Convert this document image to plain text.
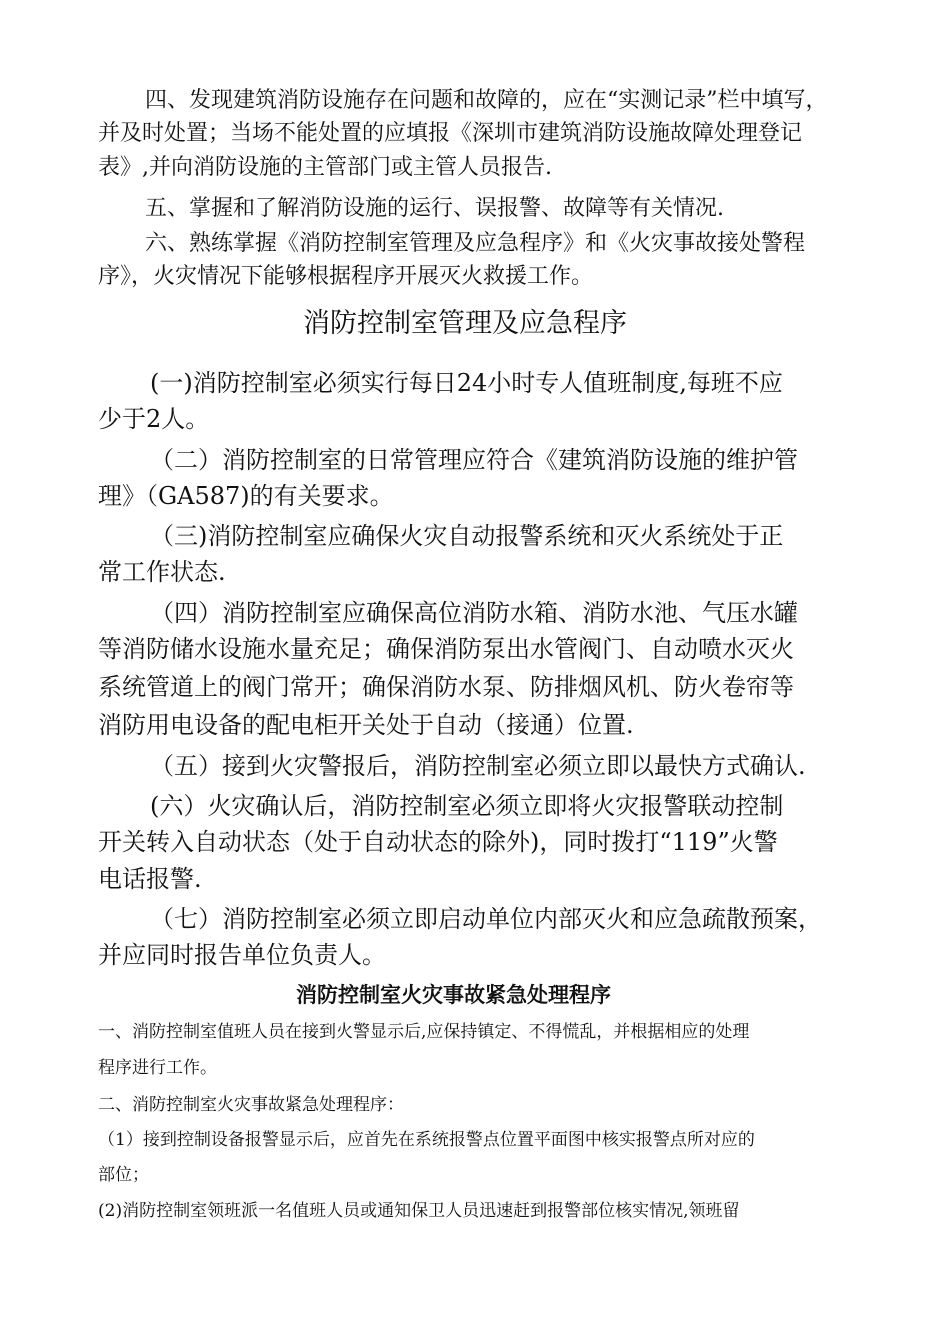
四、发现建筑消防设施存在问题和故障的，应在“实测记录”栏中填写，
并及时处置；当场不能处置的应填报《深圳市建筑消防设施故障处理登记
表》,并向消防设施的主管部门或主管人员报告.
五、掌握和了解消防设施的运行、误报警、故障等有关情况.
六、熟练掌握《消防控制室管理及应急程序》和《火灾事故接处警程
序》，火灾情况下能够根据程序开展灭火救援工作。
消防控制室管理及应急程序
(一)消防控制室必须实行每日24小时专人值班制度,每班不应
少于2人。
（二）消防控制室的日常管理应符合《建筑消防设施的维护管
理》（GA587)的有关要求。
（三)消防控制室应确保火灾自动报警系统和灭火系统处于正
常工作状态.
（四）消防控制室应确保高位消防水箱、消防水池、气压水罐
等消防储水设施水量充足；确保消防泵出水管阀门、自动喷水灭火
系统管道上的阀门常开；确保消防水泵、防排烟风机、防火卷帘等
消防用电设备的配电柜开关处于自动（接通）位置.
（五）接到火灾警报后，消防控制室必须立即以最快方式确认.
(六）火灾确认后，消防控制室必须立即将火灾报警联动控制
开关转入自动状态（处于自动状态的除外)，同时拨打“119”火警
电话报警.
（七）消防控制室必须立即启动单位内部灭火和应急疏散预案，
并应同时报告单位负责人。
消防控制室火灾事故紧急处理程序
一、消防控制室值班人员在接到火警显示后,应保持镇定、不得慌乱，并根据相应的处理
程序进行工作。
二、消防控制室火灾事故紧急处理程序：
（1）接到控制设备报警显示后，应首先在系统报警点位置平面图中核实报警点所对应的
部位；
(2)消防控制室领班派一名值班人员或通知保卫人员迅速赶到报警部位核实情况,领班留
